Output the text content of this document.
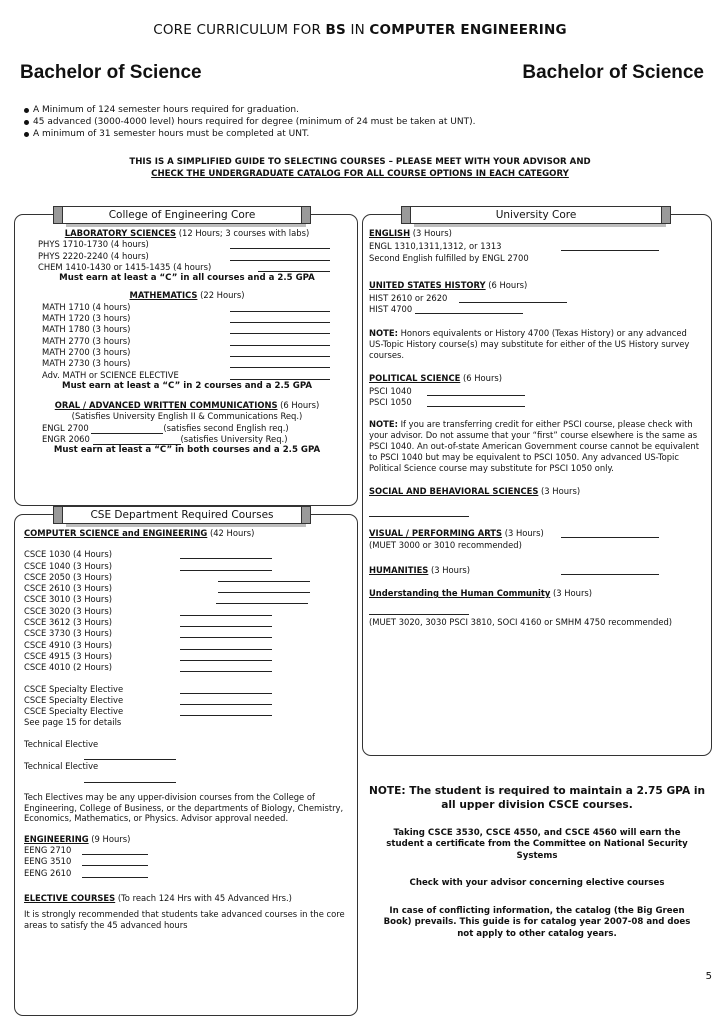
CORE CURRICULUM FOR BS IN COMPUTER ENGINEERING
Bachelor of Science	Bachelor of Science
A Minimum of 124 semester hours required for graduation.
45 advanced (3000-4000 level) hours required for degree (minimum of 24 must be taken at UNT).
A minimum of 31 semester hours must be completed at UNT.
THIS IS A SIMPLIFIED GUIDE TO SELECTING COURSES – PLEASE MEET WITH YOUR ADVISOR AND
CHECK THE UNDERGRADUATE CATALOG FOR ALL COURSE OPTIONS IN EACH CATEGORY
College of Engineering Core
LABORATORY SCIENCES (12 Hours; 3 courses with labs)
PHYS 1710-1730 (4 hours)
PHYS 2220-2240 (4 hours)
CHEM 1410-1430 or 1415-1435 (4 hours)
Must earn at least a “C” in all courses and a 2.5 GPA
MATHEMATICS (22 Hours)
MATH 1710 (4 hours)
MATH 1720 (3 hours)
MATH 1780 (3 hours)
MATH 2770 (3 hours)
MATH 2700 (3 hours)
MATH 2730 (3 hours)
Adv. MATH or SCIENCE ELECTIVE
Must earn at least a “C” in 2 courses and a 2.5 GPA
ORAL / ADVANCED WRITTEN COMMUNICATIONS (6 Hours)
(Satisfies University English II & Communications Req.)
ENGL 2700	(satisfies second English req.)
ENGR 2060	(satisfies University Req.)
Must earn at least a “C” in both courses and a 2.5 GPA
CSE Department Required Courses
COMPUTER SCIENCE and ENGINEERING (42 Hours)
CSCE 1030 (4 Hours)
CSCE 1040 (3 Hours)
CSCE 2050 (3 Hours)
CSCE 2610 (3 Hours)
CSCE 3010 (3 Hours)
CSCE 3020 (3 Hours)
CSCE 3612 (3 Hours)
CSCE 3730 (3 Hours)
CSCE 4910 (3 Hours)
CSCE 4915 (3 Hours)
CSCE 4010 (2 Hours)
CSCE Specialty Elective
CSCE Specialty Elective
CSCE Specialty Elective
See page 15 for details
Technical Elective
Technical Elective
Tech Electives may be any upper-division courses from the College of Engineering, College of Business, or the departments of Biology, Chemistry, Economics, Mathematics, or Physics. Advisor approval needed.
ENGINEERING (9 Hours)
EENG 2710
EENG 3510
EENG 2610
ELECTIVE COURSES (To reach 124 Hrs with 45 Advanced Hrs.)
It is strongly recommended that students take advanced courses in the core areas to satisfy the 45 advanced hours
University Core
ENGLISH (3 Hours)
ENGL 1310,1311,1312, or 1313
Second English fulfilled by ENGL 2700
UNITED STATES HISTORY (6 Hours)
HIST 2610 or 2620
HIST 4700
NOTE: Honors equivalents or History 4700 (Texas History) or any advanced US-Topic History course(s) may substitute for either of the US History survey courses.
POLITICAL SCIENCE (6 Hours)
PSCI 1040
PSCI 1050
NOTE: If you are transferring credit for either PSCI course, please check with your advisor. Do not assume that your “first” course elsewhere is the same as PSCI 1040. An out-of-state American Government course cannot be equivalent to PSCI 1040 but may be equivalent to PSCI 1050. Any advanced US-Topic Political Science course may substitute for PSCI 1050 only.
SOCIAL AND BEHAVIORAL SCIENCES (3 Hours)
VISUAL / PERFORMING ARTS (3 Hours)
(MUET 3000 or 3010 recommended)
HUMANITIES (3 Hours)
Understanding the Human Community (3 Hours)
(MUET 3020, 3030 PSCI 3810, SOCI 4160 or SMHM 4750 recommended)
NOTE: The student is required to maintain a 2.75 GPA in all upper division CSCE courses.
Taking CSCE 3530, CSCE 4550, and CSCE 4560 will earn the student a certificate from the Committee on National Security Systems
Check with your advisor concerning elective courses
In case of conflicting information, the catalog (the Big Green Book) prevails. This guide is for catalog year 2007-08 and does not apply to other catalog years.
5
